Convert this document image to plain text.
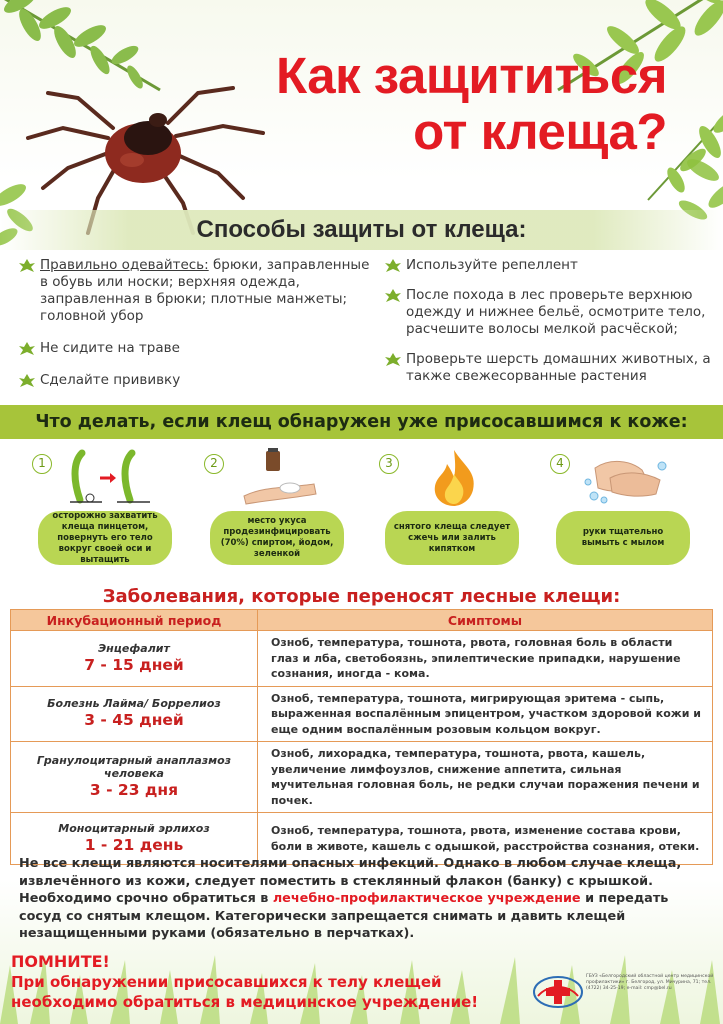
Как защититься
от клеща?
Способы защиты от клеща:
Правильно одевайтесь: брюки, заправленные в обувь или носки; верхняя одежда, заправленная в брюки; плотные манжеты; головной убор
Не сидите на траве
Сделайте прививку
Используйте репеллент
После похода в лес проверьте верхнюю одежду и нижнее бельё, осмотрите тело, расчешите волосы мелкой расчёской;
Проверьте шерсть домашних животных, а также свежесорванные растения
Что делать, если клещ обнаружен уже присосавшимся к коже:
1
осторожно захватить клеща пинцетом, повернуть его тело вокруг своей оси и вытащить
2
место укуса продезинфицировать (70%) спиртом, йодом, зеленкой
3
снятого клеща следует сжечь или залить кипятком
4
руки тщательно вымыть с мылом
Заболевания, которые переносят лесные клещи:
Инкубационный период	Симптомы

Энцефалит
7 - 15 дней	Озноб, температура, тошнота, рвота, головная боль в области глаз и лба, светобоязнь, эпилептические припадки, нарушение сознания, иногда - кома.

Болезнь Лайма/ Боррелиоз
3 - 45 дней	Озноб, температура, тошнота, мигрирующая эритема - сыпь, выраженная воспалённым эпицентром, участком здоровой кожи и еще одним воспалённым розовым кольцом вокруг.

Гранулоцитарный анаплазмоз человека
3 - 23 дня	Озноб, лихорадка, температура, тошнота, рвота, кашель, увеличение лимфоузлов, снижение аппетита, сильная мучительная головная боль, не редки случаи поражения печени и почек.

Моноцитарный эрлихоз
1 - 21 день	Озноб, температура, тошнота, рвота, изменение состава крови, боли в животе, кашель с одышкой, расстройства сознания, отеки.
Не все клещи являются носителями опасных инфекций. Однако в любом случае клеща, извлечённого из кожи, следует поместить в стеклянный флакон (банку) с крышкой. Необходимо срочно обратиться в лечебно-профилактическое учреждение и передать сосуд со снятым клещом. Категорически запрещается снимать и давить клещей незащищенными руками (обязательно в перчатках).
ПОМНИТЕ!
При обнаружении присосавшихся к телу клещей
необходимо обратиться в медицинское учреждение!
ГБУЗ «Белгородский областной центр медицинской профилактики» г. Белгород, ул. Мичурина, 71; тел. (4722) 34-25-19; e-mail: cmp@bel.ru
